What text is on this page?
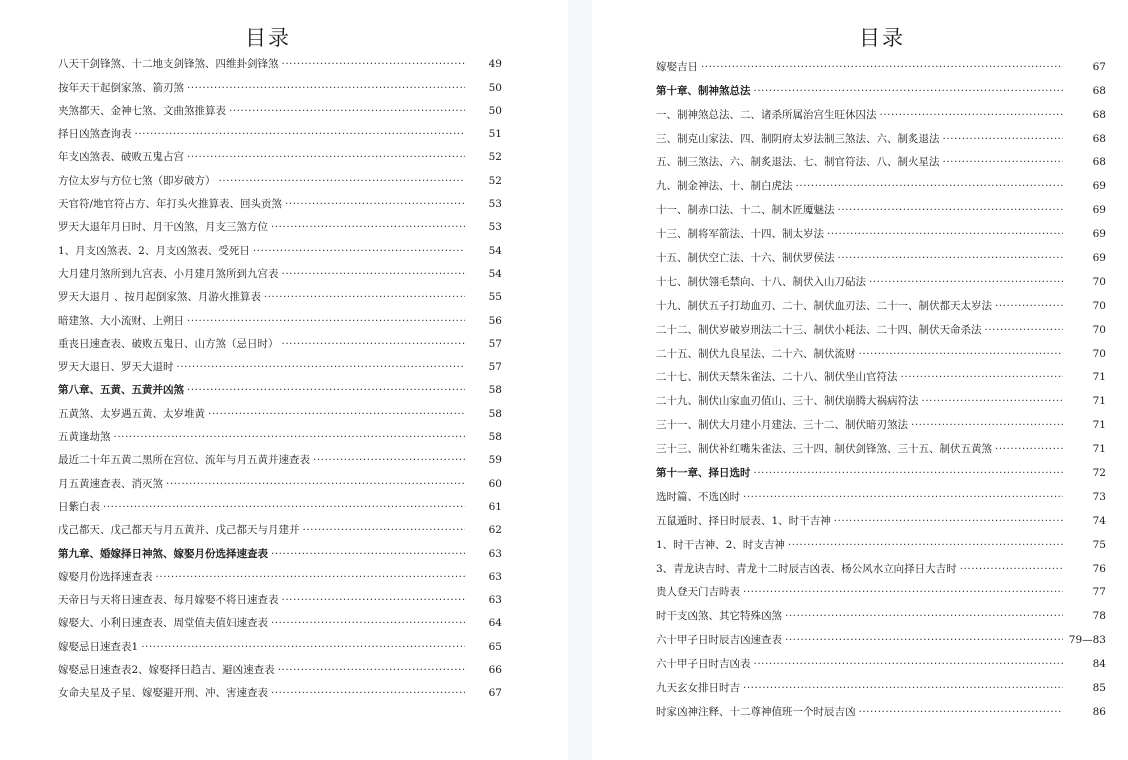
目录
八天干剑锋煞、十二地支剑锋煞、四维卦剑锋煞 ·····	49
按年天干起倒家煞、箭刃煞 ·····	50
夹煞都天、金神七煞、文曲煞推算表 ·····	50
择日凶煞查询表 ·····	51
年支凶煞表、破败五鬼占宫 ·····	52
方位太岁与方位七煞（即岁破方） ·····	52
天官符/地官符占方、年打头火推算表、回头贡煞 ·····	53
罗天大退年月日时、月干凶煞，月支三煞方位 ·····	53
1、月支凶煞表、2、月支凶煞表、受死日 ·····	54
大月建月煞所到九宫表、小月建月煞所到九宫表 ·····	54
罗天大退月 、按月起倒家煞、月游火推算表 ·····	55
暗建煞、大小流财、上朔日 ·····	56
重丧日速查表、破败五鬼日、山方煞（忌日时） ·····	57
罗天大退日、罗天大退时 ·····	57
第八章、五黄、五黄并凶煞 ·····	58
五黄煞、太岁遇五黄、太岁堆黄 ·····	58
五黄逢劫煞 ·····	58
最近二十年五黄二黑所在宫位、流年与月五黄并速查表 ·····	59
月五黄速查表、消灭煞 ·····	60
日紫白表 ·····	61
戊己都天、戊己都天与月五黄并、戊己都天与月建并 ·····	62
第九章、婚嫁择日神煞、嫁娶月份选择速查表 ·····	63
嫁娶月份选择速查表 ·····	63
天帝日与天将日速查表、每月嫁娶不将日速查表 ·····	63
嫁娶大、小利日速查表、周堂值夫值妇速查表 ·····	64
嫁娶忌日速查表1 ·····	65
嫁娶忌日速查表2、嫁娶择日趋吉、避凶速查表 ·····	66
女命夫星及子星、嫁娶避开刑、冲、害速查表 ·····	67
目录
嫁娶吉日 ·····	67
第十章、制神煞总法 ·····	68
一、制神煞总法、二、诸杀所属治宫生旺休囚法 ·····	68
三、制克山家法、四、制阴府太岁法制三煞法、六、制炙退法 ·····	68
五、制三煞法、六、制炙退法、七、制官符法、八、制火星法 ·····	68
九、制金神法、十、制白虎法 ·····	69
十一、制赤口法、十二、制木匠魇魅法 ·····	69
十三、制将军箭法、十四、制太岁法 ·····	69
十五、制伏空亡法、十六、制伏罗侯法 ·····	69
十七、制伏翎毛禁向、十八、制伏入山刀砧法 ·····	70
十九、制伏五子打劫血刃、二十、制伏血刃法、二十一、制伏都天太岁法 ·····	70
二十二、制伏岁破岁刑法二十三、制伏小耗法、二十四、制伏天命杀法 ·····	70
二十五、制伏九良星法、二十六、制伏流财 ·····	70
二十七、制伏天禁朱雀法、二十八、制伏坐山官符法 ·····	71
二十九、制伏山家血刃值山、三十、制伏崩腾大祸病符法 ·····	71
三十一、制伏大月建小月建法、三十二、制伏暗刃煞法 ·····	71
三十三、制伏补红嘴朱雀法、三十四、制伏剑锋煞、三十五、制伏五黄煞 ·····	71
第十一章、择日选时 ·····	72
选时篇、不选凶时 ·····	73
五鼠遁时、择日时辰表、1、时干吉神 ·····	74
1、时干吉神、2、时支吉神 ·····	75
3、青龙诀吉时、青龙十二时辰吉凶表、杨公风水立向择日大吉时 ·····	76
贵人登天门吉時表 ·····	77
时干支凶煞、其它特殊凶煞 ·····	78
六十甲子日时辰吉凶速查表 ·····	79—83
六十甲子日时吉凶表 ·····	84
九天玄女排日时吉 ·····	85
时家凶神注释、十二尊神值班一个时辰吉凶 ·····	86
